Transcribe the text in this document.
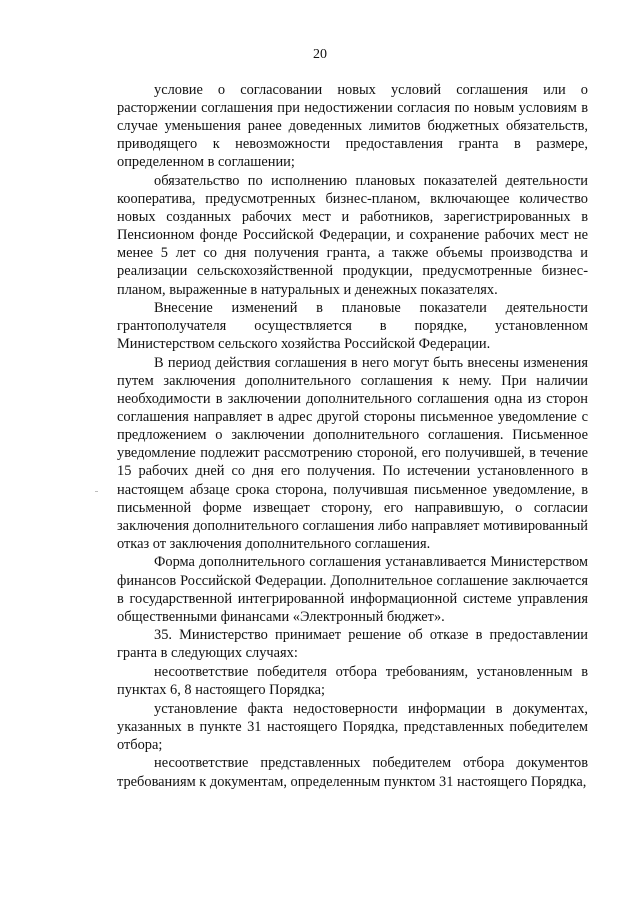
20

условие о согласовании новых условий соглашения или о расторжении соглашения при недостижении согласия по новым условиям в случае уменьшения ранее доведенных лимитов бюджетных обязательств, приводящего к невозможности предоставления гранта в размере, определенном в соглашении;

обязательство по исполнению плановых показателей деятельности кооператива, предусмотренных бизнес-планом, включающее количество новых созданных рабочих мест и работников, зарегистрированных в Пенсионном фонде Российской Федерации, и сохранение рабочих мест не менее 5 лет со дня получения гранта, а также объемы производства и реализации сельскохозяйственной продукции, предусмотренные бизнес-планом, выраженные в натуральных и денежных показателях.

Внесение изменений в плановые показатели деятельности грантополучателя осуществляется в порядке, установленном Министерством сельского хозяйства Российской Федерации.

В период действия соглашения в него могут быть внесены изменения путем заключения дополнительного соглашения к нему. При наличии необходимости в заключении дополнительного соглашения одна из сторон соглашения направляет в адрес другой стороны письменное уведомление с предложением о заключении дополнительного соглашения. Письменное уведомление подлежит рассмотрению стороной, его получившей, в течение 15 рабочих дней со дня его получения. По истечении установленного в настоящем абзаце срока сторона, получившая письменное уведомление, в письменной форме извещает сторону, его направившую, о согласии заключения дополнительного соглашения либо направляет мотивированный отказ от заключения дополнительного соглашения.

Форма дополнительного соглашения устанавливается Министерством финансов Российской Федерации. Дополнительное соглашение заключается в государственной интегрированной информационной системе управления общественными финансами «Электронный бюджет».

35. Министерство принимает решение об отказе в предоставлении гранта в следующих случаях:

несоответствие победителя отбора требованиям, установленным в пунктах 6, 8 настоящего Порядка;

установление факта недостоверности информации в документах, указанных в пункте 31 настоящего Порядка, представленных победителем отбора;

несоответствие представленных победителем отбора документов требованиям к документам, определенным пунктом 31 настоящего Порядка,
